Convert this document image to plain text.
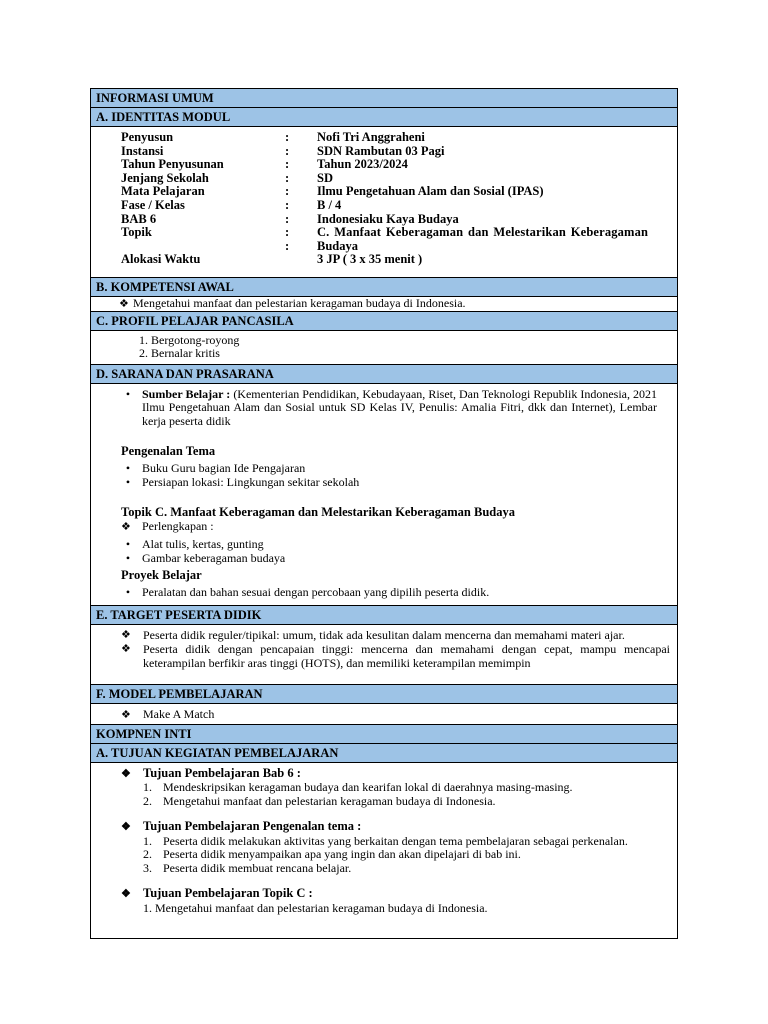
INFORMASI UMUM
A. IDENTITAS MODUL
Penyusun	:	Nofi Tri Anggraheni
Instansi	:	SDN Rambutan 03 Pagi
Tahun Penyusunan	:	Tahun 2023/2024
Jenjang Sekolah	:	SD
Mata Pelajaran	:	Ilmu Pengetahuan Alam dan Sosial (IPAS)
Fase / Kelas	:	B / 4
BAB 6	:	Indonesiaku Kaya Budaya
Topik	:	C. Manfaat Keberagaman dan Melestarikan Keberagaman
	:	Budaya
Alokasi Waktu		3 JP ( 3 x 35 menit )
B. KOMPETENSI AWAL
❖ Mengetahui manfaat dan pelestarian keragaman budaya di Indonesia.
C. PROFIL PELAJAR PANCASILA
1. Bergotong-royong
2. Bernalar kritis
D. SARANA DAN PRASARANA
• Sumber Belajar : (Kementerian Pendidikan, Kebudayaan, Riset, Dan Teknologi Republik Indonesia, 2021 Ilmu Pengetahuan Alam dan Sosial untuk SD Kelas IV, Penulis: Amalia Fitri, dkk dan Internet), Lembar kerja peserta didik
Pengenalan Tema
• Buku Guru bagian Ide Pengajaran
• Persiapan lokasi: Lingkungan sekitar sekolah
Topik C. Manfaat Keberagaman dan Melestarikan Keberagaman Budaya
❖ Perlengkapan :
• Alat tulis, kertas, gunting
• Gambar keberagaman budaya
Proyek Belajar
• Peralatan dan bahan sesuai dengan percobaan yang dipilih peserta didik.
E. TARGET PESERTA DIDIK
❖	Peserta didik reguler/tipikal: umum, tidak ada kesulitan dalam mencerna dan memahami materi ajar.
❖	Peserta didik dengan pencapaian tinggi: mencerna dan memahami dengan cepat, mampu mencapai keterampilan berfikir aras tinggi (HOTS), dan memiliki keterampilan memimpin
F. MODEL PEMBELAJARAN
❖ Make A Match
KOMPNEN INTI
A. TUJUAN KEGIATAN PEMBELAJARAN
❖ Tujuan Pembelajaran Bab 6 :
1. Mendeskripsikan keragaman budaya dan kearifan lokal di daerahnya masing-masing.
2. Mengetahui manfaat dan pelestarian keragaman budaya di Indonesia.
❖ Tujuan Pembelajaran Pengenalan tema :
1. Peserta didik melakukan aktivitas yang berkaitan dengan tema pembelajaran sebagai perkenalan.
2. Peserta didik menyampaikan apa yang ingin dan akan dipelajari di bab ini.
3. Peserta didik membuat rencana belajar.
❖ Tujuan Pembelajaran Topik C :
1. Mengetahui manfaat dan pelestarian keragaman budaya di Indonesia.
